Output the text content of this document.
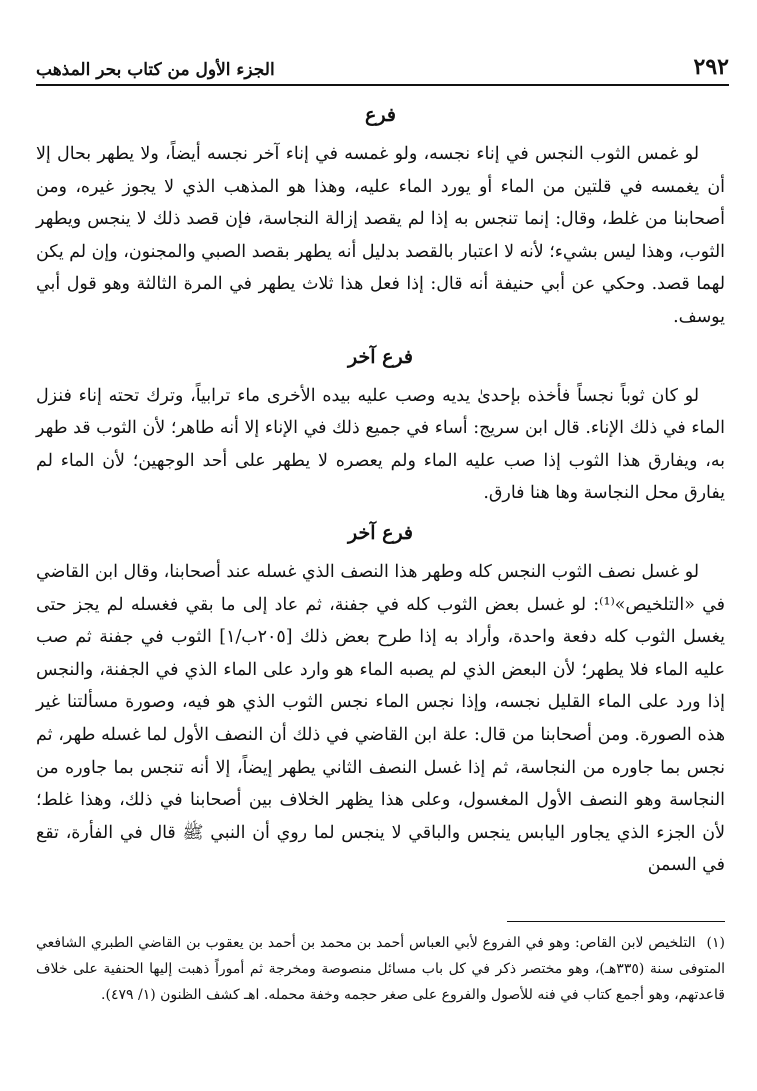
٢٩٢
الجزء الأول من كتاب بحر المذهب
فرع

لو غمس الثوب النجس في إناء نجسه، ولو غمسه في إناء آخر نجسه أيضاً، ولا يطهر بحال إلا أن يغمسه في قلتين من الماء أو يورد الماء عليه، وهذا هو المذهب الذي لا يجوز غيره، ومن أصحابنا من غلط، وقال: إنما تنجس به إذا لم يقصد إزالة النجاسة، فإن قصد ذلك لا ينجس ويطهر الثوب، وهذا ليس بشيء؛ لأنه لا اعتبار بالقصد بدليل أنه يطهر بقصد الصبي والمجنون، وإن لم يكن لهما قصد. وحكي عن أبي حنيفة أنه قال: إذا فعل هذا ثلاث يطهر في المرة الثالثة وهو قول أبي يوسف.

فرع آخر

لو كان ثوباً نجساً فأخذه بإحدىٰ يديه وصب عليه بيده الأخرى ماء ترابياً، وترك تحته إناء فنزل الماء في ذلك الإناء. قال ابن سريج: أساء في جميع ذلك في الإناء إلا أنه طاهر؛ لأن الثوب قد طهر به، ويفارق هذا الثوب إذا صب عليه الماء ولم يعصره لا يطهر على أحد الوجهين؛ لأن الماء لم يفارق محل النجاسة وها هنا فارق.

فرع آخر

لو غسل نصف الثوب النجس كله وطهر هذا النصف الذي غسله عند أصحابنا، وقال ابن القاضي في «التلخيص»⁽¹⁾: لو غسل بعض الثوب كله في جفنة، ثم عاد إلى ما بقي فغسله لم يجز حتى يغسل الثوب كله دفعة واحدة، وأراد به إذا طرح بعض ذلك [٢٠٥ب/١] الثوب في جفنة ثم صب عليه الماء فلا يطهر؛ لأن البعض الذي لم يصبه الماء هو وارد على الماء الذي في الجفنة، والنجس إذا ورد على الماء القليل نجسه، وإذا نجس الماء نجس الثوب الذي هو فيه، وصورة مسألتنا غير هذه الصورة. ومن أصحابنا من قال: علة ابن القاضي في ذلك أن النصف الأول لما غسله طهر، ثم نجس بما جاوره من النجاسة، ثم إذا غسل النصف الثاني يطهر إيضاً، إلا أنه تنجس بما جاوره من النجاسة وهو النصف الأول المغسول، وعلى هذا يظهر الخلاف بين أصحابنا في ذلك، وهذا غلط؛ لأن الجزء الذي يجاور اليابس ينجس والباقي لا ينجس لما روي أن النبي ﷺ قال في الفأرة، تقع في السمن

(١) التلخيص لابن القاص: وهو في الفروع لأبي العباس أحمد بن محمد بن أحمد بن يعقوب بن القاضي الطبري الشافعي المتوفى سنة (٣٣٥هـ)، وهو مختصر ذكر في كل باب مسائل منصوصة ومخرجة ثم أموراً ذهبت إليها الحنفية على خلاف قاعدتهم، وهو أجمع كتاب في فنه للأصول والفروع على صغر حجمه وخفة محمله. اهـ كشف الظنون (١/ ٤٧٩).
